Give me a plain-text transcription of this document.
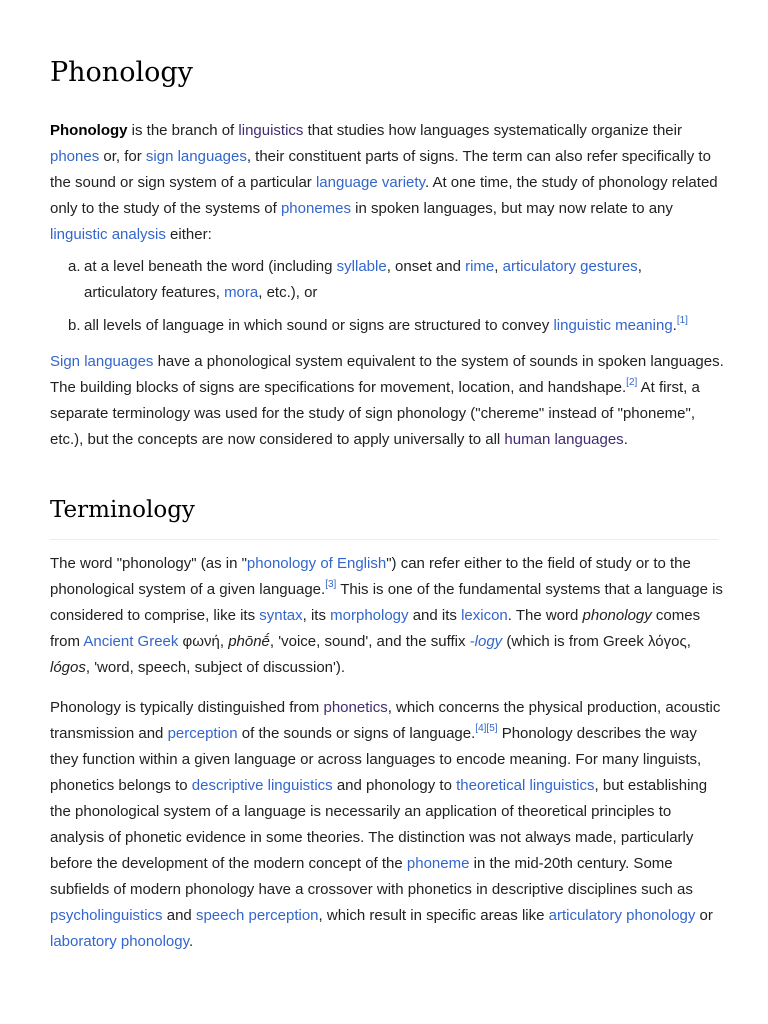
Phonology

Phonology is the branch of linguistics that studies how languages systematically organize their phones or, for sign languages, their constituent parts of signs. The term can also refer specifically to the sound or sign system of a particular language variety. At one time, the study of phonology related only to the study of the systems of phonemes in spoken languages, but may now relate to any linguistic analysis either:

a. at a level beneath the word (including syllable, onset and rime, articulatory gestures, articulatory features, mora, etc.), or
b. all levels of language in which sound or signs are structured to convey linguistic meaning.[1]

Sign languages have a phonological system equivalent to the system of sounds in spoken languages. The building blocks of signs are specifications for movement, location, and handshape.[2] At first, a separate terminology was used for the study of sign phonology ("chereme" instead of "phoneme", etc.), but the concepts are now considered to apply universally to all human languages.

Terminology

The word "phonology" (as in "phonology of English") can refer either to the field of study or to the phonological system of a given language.[3] This is one of the fundamental systems that a language is considered to comprise, like its syntax, its morphology and its lexicon. The word phonology comes from Ancient Greek φωνή, phōnḗ, 'voice, sound', and the suffix -logy (which is from Greek λόγος, lógos, 'word, speech, subject of discussion').

Phonology is typically distinguished from phonetics, which concerns the physical production, acoustic transmission and perception of the sounds or signs of language.[4][5] Phonology describes the way they function within a given language or across languages to encode meaning. For many linguists, phonetics belongs to descriptive linguistics and phonology to theoretical linguistics, but establishing the phonological system of a language is necessarily an application of theoretical principles to analysis of phonetic evidence in some theories. The distinction was not always made, particularly before the development of the modern concept of the phoneme in the mid-20th century. Some subfields of modern phonology have a crossover with phonetics in descriptive disciplines such as psycholinguistics and speech perception, which result in specific areas like articulatory phonology or laboratory phonology.
